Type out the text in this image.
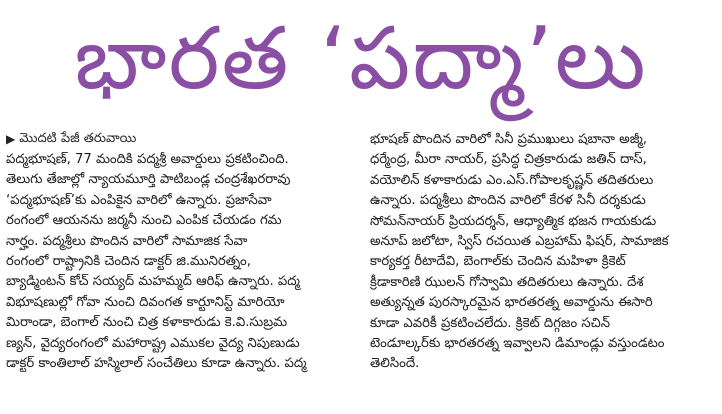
భారత ‘పద్మా’లు
▶ మొదటి పేజీ తరువాయి
పద్మభూషణ్, 77 మందికి పద్మశ్రీ అవార్డులు ప్రకటించింది.
తెలుగు తేజాల్లో న్యాయమూర్తి పాటిబండ్ల చంద్రశేఖరరావు
‘పద్మభూషణ్’కు ఎంపికైన వారిలో ఉన్నారు. ప్రజాసేవా
రంగంలో ఆయనను జర్మనీ నుంచి ఎంపిక చేయడం గమ
నార్హం. పద్మశ్రీలు పొందిన వారిలో సామాజిక సేవా
రంగంలో రాష్ట్రానికి చెందిన డాక్టర్ జి.మునిరత్నం,
బ్యాడ్మింటన్ కోచ్ సయ్యద్ మహమ్మద్ ఆరిఫ్ ఉన్నారు. పద్మ
విభూషణుల్లో గోవా నుంచి దివంగత కార్టూనిస్ట్ మారియో
మిరాండా, బెంగాల్ నుంచి చిత్ర కళాకారుడు కె.వి.సుబ్రమ
ణ్యన్, వైద్యరంగంలో మహారాష్ట్ర ఎముకల వైద్య నిపుణుడు
డాక్టర్ కాంతిలాల్ హస్మిలాల్ సంచేతిలు కూడా ఉన్నారు. పద్మ
భూషణ్ పొందిన వారిలో సినీ ప్రముఖులు షబానా అజ్మీ,
ధర్మేంద్ర, మీరా నాయర్, ప్రసిద్ధ చిత్రకారుడు జతిన్ దాస్,
వయోలిన్ కళాకారుడు ఎం.ఎస్.గోపాలకృష్ణన్ తదితరులు
ఉన్నారు. పద్మశ్రీలు పొందిన వారిలో కేరళ సినీ దర్శకుడు
సోమన్‌నాయర్ ప్రియదర్శన్, ఆధ్యాత్మిక భజన గాయకుడు
అనూప్ జలోటా, స్విస్ రచయిత ఎబ్రహామ్ ఫిషర్, సామాజిక
కార్యకర్త రీటాదేవి, బెంగాల్‌కు చెందిన మహిళా క్రికెట్
క్రీడాకారిణి ఝులన్ గోస్వామి తదితరులు ఉన్నారు. దేశ
అత్యున్నత పురస్కారమైన భారతరత్న అవార్డును ఈసారి
కూడా ఎవరికీ ప్రకటించలేదు. క్రికెట్ దిగ్గజం సచిన్
టెండూల్కర్‌కు భారతరత్న ఇవ్వాలని డిమాండ్లు వస్తుండటం
తెలిసిందే.
